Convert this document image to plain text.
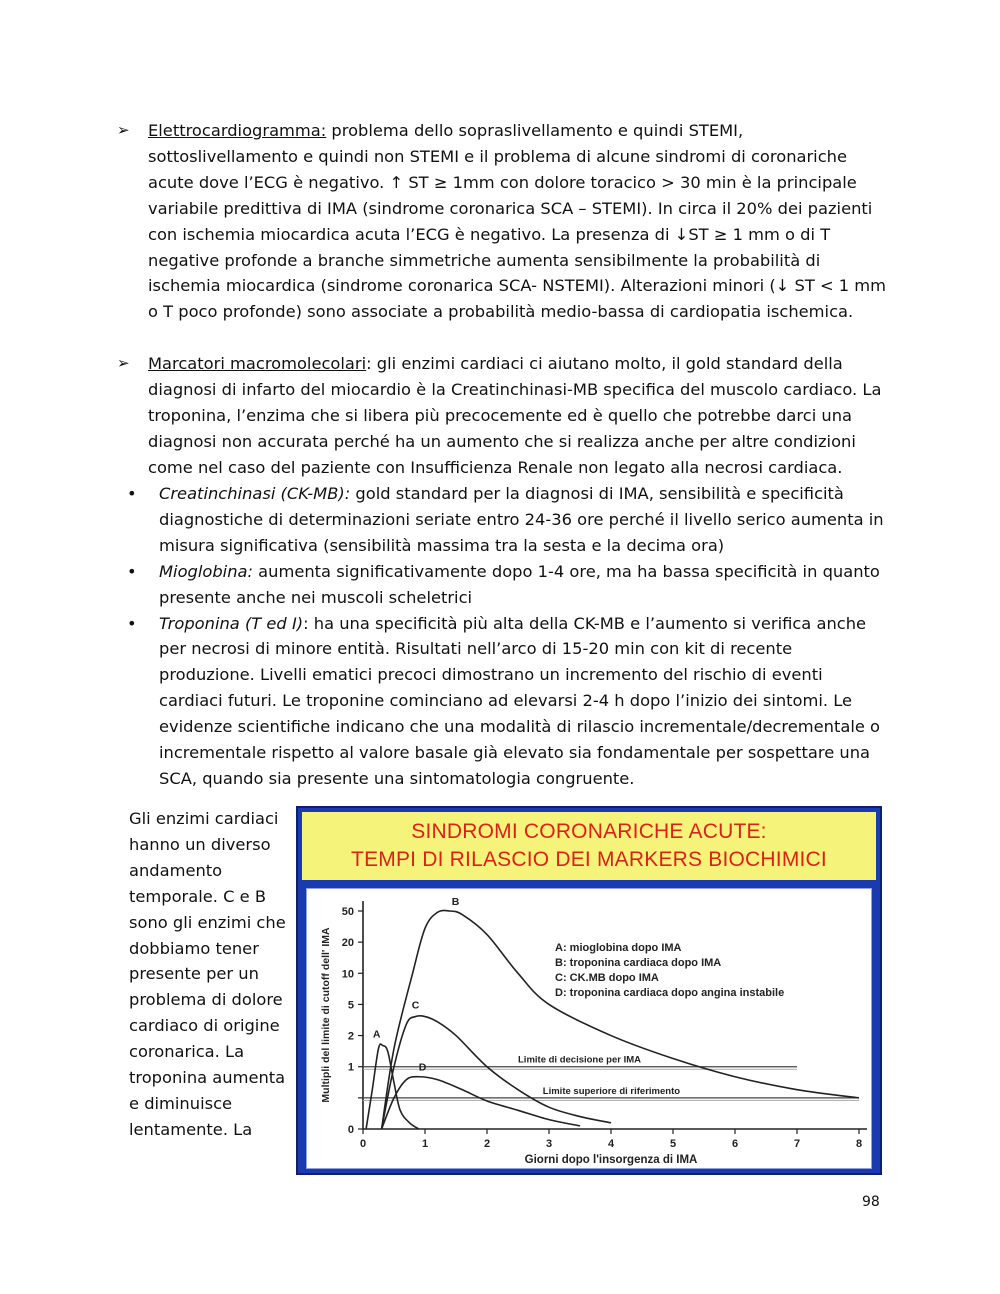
➢ Elettrocardiogramma: problema dello sopraslivellamento e quindi STEMI, sottoslivellamento e quindi non STEMI e il problema di alcune sindromi di coronariche acute dove l’ECG è negativo. ↑ ST ≥ 1mm con dolore toracico > 30 min è la principale variabile predittiva di IMA (sindrome coronarica SCA – STEMI). In circa il 20% dei pazienti con ischemia miocardica acuta l’ECG è negativo. La presenza di ↓ST ≥ 1 mm o di T negative profonde a branche simmetriche aumenta sensibilmente la probabilità di ischemia miocardica (sindrome coronarica SCA- NSTEMI). Alterazioni minori (↓ ST < 1 mm o T poco profonde) sono associate a probabilità medio-bassa di cardiopatia ischemica.
➢ Marcatori macromolecolari: gli enzimi cardiaci ci aiutano molto, il gold standard della diagnosi di infarto del miocardio è la Creatinchinasi-MB specifica del muscolo cardiaco. La troponina, l’enzima che si libera più precocemente ed è quello che potrebbe darci una diagnosi non accurata perché ha un aumento che si realizza anche per altre condizioni come nel caso del paziente con Insufficienza Renale non legato alla necrosi cardiaca.

• Creatinchinasi (CK-MB): gold standard per la diagnosi di IMA, sensibilità e specificità diagnostiche di determinazioni seriate entro 24-36 ore perché il livello serico aumenta in misura significativa (sensibilità massima tra la sesta e la decima ora)

• Mioglobina: aumenta significativamente dopo 1-4 ore, ma ha bassa specificità in quanto presente anche nei muscoli scheletrici

• Troponina (T ed I): ha una specificità più alta della CK-MB e l’aumento si verifica anche per necrosi di minore entità. Risultati nell’arco di 15-20 min con kit di recente produzione. Livelli ematici precoci dimostrano un incremento del rischio di eventi cardiaci futuri. Le troponine cominciano ad elevarsi 2-4 h dopo l’inizio dei sintomi. Le evidenze scientifiche indicano che una modalità di rilascio incrementale/decrementale o incrementale rispetto al valore basale già elevato sia fondamentale per sospettare una SCA, quando sia presente una sintomatologia congruente.

Gli enzimi cardiaci hanno un diverso andamento temporale. C e B sono gli enzimi che dobbiamo tener presente per un problema di dolore cardiaco di origine coronarica. La troponina aumenta e diminuisce lentamente. La
SINDROMI CORONARICHE ACUTE:
TEMPI DI RILASCIO DEI MARKERS BIOCHIMICI
0	1	2	3	4	5	6	7	8
0
1
2
5
10
20
50
Giorni dopo l'insorgenza di IMA
Multipli del limite di cutoff dell' IMA	Limite di decisione per IMA
Limite superiore di riferimento
A
B
C
D
A: mioglobina dopo IMA
B: troponina cardiaca dopo IMA
C: CK.MB dopo IMA
D: troponina cardiaca dopo angina instabile
98
